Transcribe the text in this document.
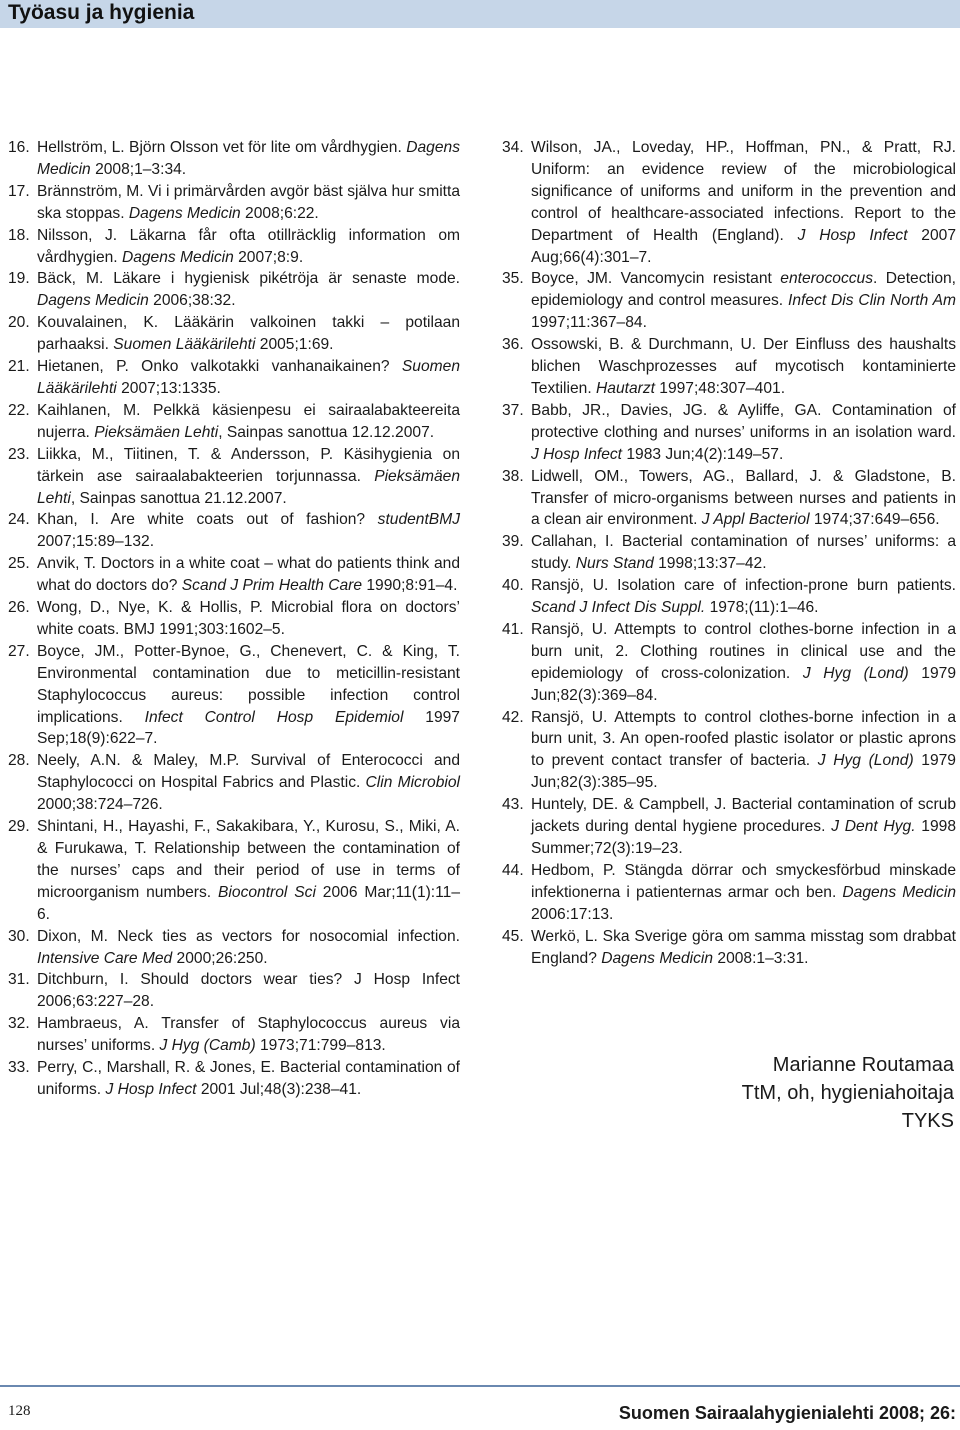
Työasu ja hygienia
16. Hellström, L. Björn Olsson vet för lite om vårdhygien. Dagens Medicin 2008;1–3:34.
17. Brännström, M. Vi i primärvården avgör bäst själva hur smitta ska stoppas. Dagens Medicin 2008;6:22.
18. Nilsson, J. Läkarna får ofta otillräcklig information om vårdhygien. Dagens Medicin 2007;8:9.
19. Bäck, M. Läkare i hygienisk pikétröja är senaste mode. Dagens Medicin 2006;38:32.
20. Kouvalainen, K. Lääkärin valkoinen takki – potilaan parhaaksi. Suomen Lääkärilehti 2005;1:69.
21. Hietanen, P. Onko valkotakki vanhanaikainen? Suomen Lääkärilehti 2007;13:1335.
22. Kaihlanen, M. Pelkkä käsienpesu ei sairaalabakteereita nujerra. Pieksämäen Lehti, Sainpas sanottua 12.12.2007.
23. Liikka, M., Tiitinen, T. & Andersson, P. Käsihygienia on tärkein ase sairaalabakteerien torjunnassa. Pieksämäen Lehti, Sainpas sanottua 21.12.2007.
24. Khan, I. Are white coats out of fashion? studentBMJ 2007;15:89–132.
25. Anvik, T. Doctors in a white coat – what do patients think and what do doctors do? Scand J Prim Health Care 1990;8:91–4.
26. Wong, D., Nye, K. & Hollis, P. Microbial flora on doctors’ white coats. BMJ 1991;303:1602–5.
27. Boyce, JM., Potter-Bynoe, G., Chenevert, C. & King, T. Environmental contamination due to meticillin-resistant Staphylococcus aureus: possible infection control implications. Infect Control Hosp Epidemiol 1997 Sep;18(9):622–7.
28. Neely, A.N. & Maley, M.P. Survival of Enterococci and Staphylococci on Hospital Fabrics and Plastic. Clin Microbiol 2000;38:724–726.
29. Shintani, H., Hayashi, F., Sakakibara, Y., Kurosu, S., Miki, A. & Furukawa, T. Relationship between the contamination of the nurses’ caps and their period of use in terms of microorganism numbers. Biocontrol Sci 2006 Mar;11(1):11–6.
30. Dixon, M. Neck ties as vectors for nosocomial infection. Intensive Care Med 2000;26:250.
31. Ditchburn, I. Should doctors wear ties? J Hosp Infect 2006;63:227–28.
32. Hambraeus, A. Transfer of Staphylococcus aureus via nurses’ uniforms. J Hyg (Camb) 1973;71:799–813.
33. Perry, C., Marshall, R. & Jones, E. Bacterial contamination of uniforms. J Hosp Infect 2001 Jul;48(3):238–41.
34. Wilson, JA., Loveday, HP., Hoffman, PN., & Pratt, RJ. Uniform: an evidence review of the microbiological significance of uniforms and uniform in the prevention and control of healthcare-associated infections. Report to the Department of Health (England). J Hosp Infect 2007 Aug;66(4):301–7.
35. Boyce, JM. Vancomycin resistant enterococcus. Detection, epidemiology and control measures. Infect Dis Clin North Am 1997;11:367–84.
36. Ossowski, B. & Durchmann, U. Der Einfluss des haushalts blichen Waschprozesses auf mycotisch kontaminierte Textilien. Hautarzt 1997;48:307–401.
37. Babb, JR., Davies, JG. & Ayliffe, GA. Contamination of protective clothing and nurses’ uniforms in an isolation ward. J Hosp Infect 1983 Jun;4(2):149–57.
38. Lidwell, OM., Towers, AG., Ballard, J. & Gladstone, B. Transfer of micro-organisms between nurses and patients in a clean air environment. J Appl Bacteriol 1974;37:649–656.
39. Callahan, I. Bacterial contamination of nurses’ uniforms: a study. Nurs Stand 1998;13:37–42.
40. Ransjö, U. Isolation care of infection-prone burn patients. Scand J Infect Dis Suppl. 1978;(11):1–46.
41. Ransjö, U. Attempts to control clothes-borne infection in a burn unit, 2. Clothing routines in clinical use and the epidemiology of cross-colonization. J Hyg (Lond) 1979 Jun;82(3):369–84.
42. Ransjö, U. Attempts to control clothes-borne infection in a burn unit, 3. An open-roofed plastic isolator or plastic aprons to prevent contact transfer of bacteria. J Hyg (Lond) 1979 Jun;82(3):385–95.
43. Huntely, DE. & Campbell, J. Bacterial contamination of scrub jackets during dental hygiene procedures. J Dent Hyg. 1998 Summer;72(3):19–23.
44. Hedbom, P. Stängda dörrar och smyckesförbud minskade infektionerna i patienternas armar och ben. Dagens Medicin 2006:17:13.
45. Werkö, L. Ska Sverige göra om samma misstag som drabbat England? Dagens Medicin 2008:1–3:31.
Marianne Routamaa
TtM, oh, hygieniahoitaja
TYKS
128	Suomen Sairaalahygienialehti 2008; 26:
